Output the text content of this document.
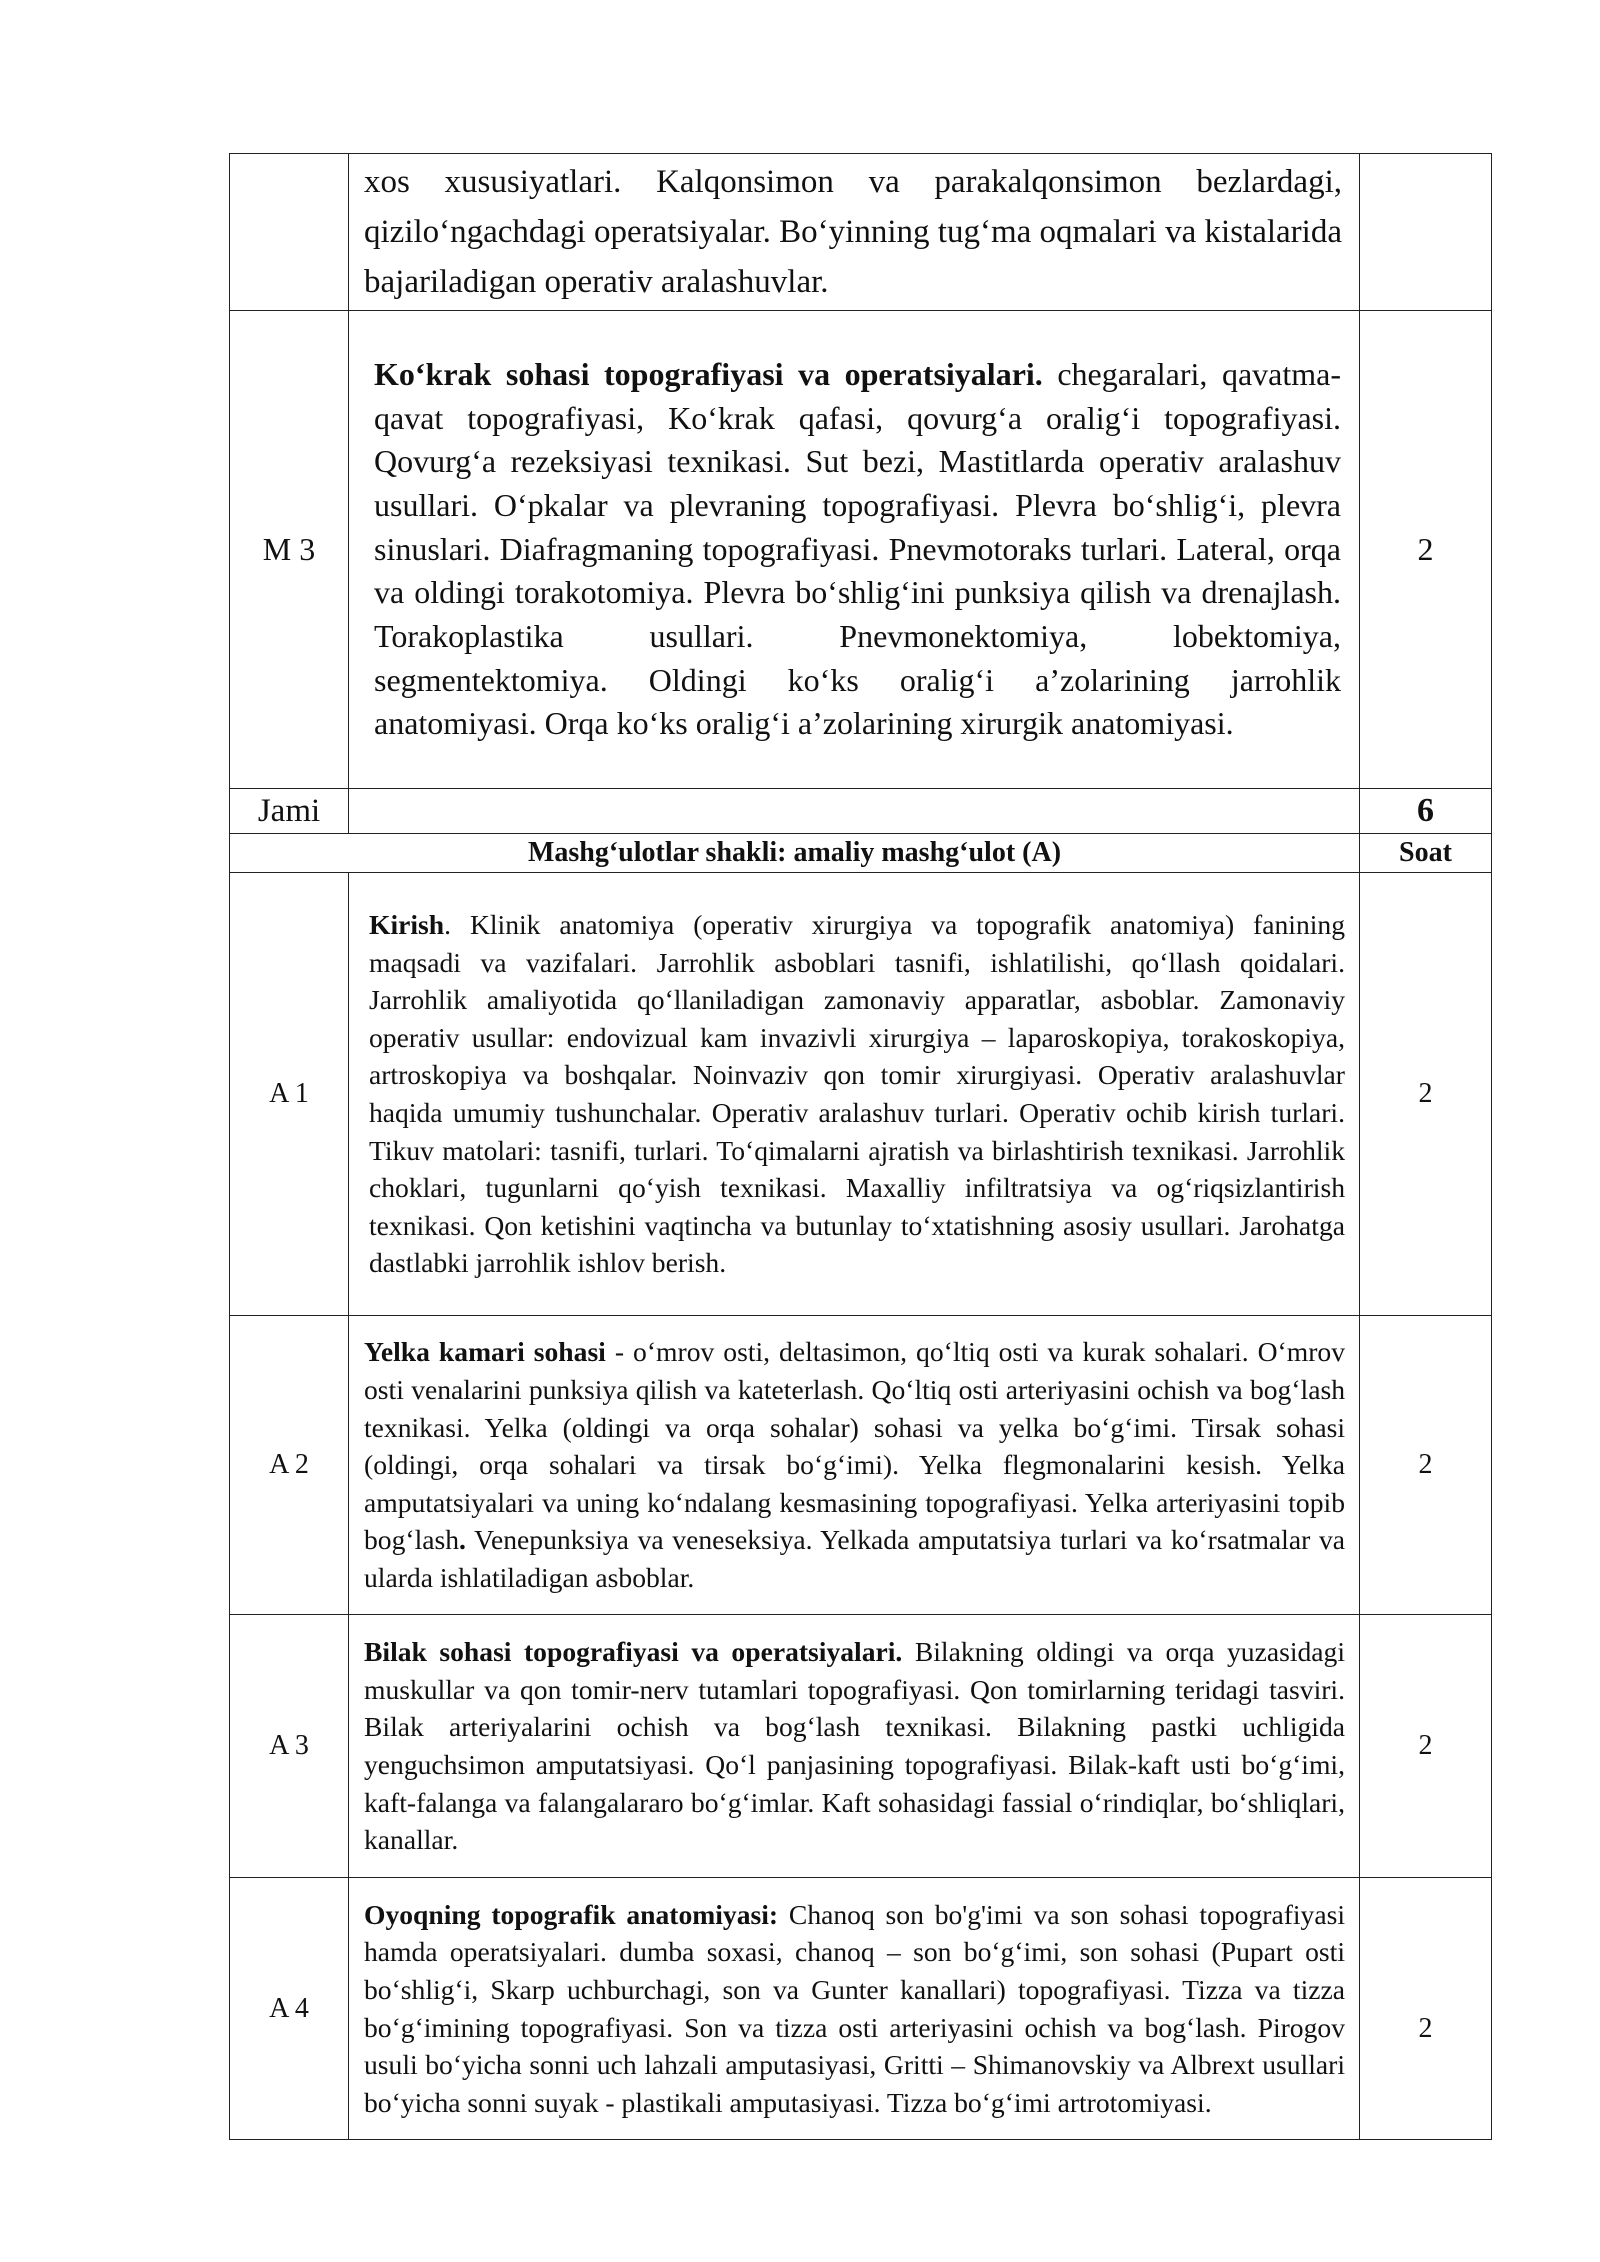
	xos xususiyatlari. Kalqonsimon va parakalqonsimon bezlardagi, qiziloʻngachdagi operatsiyalar. Boʻyinning tugʻma oqmalari va kistalarida bajariladigan operativ aralashuvlar.	

M 3	Koʻkrak sohasi topografiyasi va operatsiyalari. chegaralari, qavatma-qavat topografiyasi, Koʻkrak qafasi, qovurgʻa oraligʻi topografiyasi. Qovurgʻa rezeksiyasi texnikasi. Sut bezi, Mastitlarda operativ aralashuv usullari. Oʻpkalar va plevraning topografiyasi. Plevra boʻshligʻi, plevra sinuslari. Diafragmaning topografiyasi. Pnevmotoraks turlari. Lateral, orqa va oldingi torakotomiya. Plevra boʻshligʻini punksiya qilish va drenajlash. Torakoplastika usullari. Pnevmonektomiya, lobektomiya, segmentektomiya. Oldingi koʻks oraligʻi a’zolarining jarrohlik anatomiyasi. Orqa koʻks oraligʻi a’zolarining xirurgik anatomiyasi.	2
Jami		6
Mashgʻulotlar shakli: amaliy mashgʻulot (A)		Soat
A 1	Kirish. Klinik anatomiya (operativ xirurgiya va topografik anatomiya) fanining maqsadi va vazifalari. Jarrohlik asboblari tasnifi, ishlatilishi, qoʻllash qoidalari. Jarrohlik amaliyotida qoʻllaniladigan zamonaviy apparatlar, asboblar. Zamonaviy operativ usullar: endovizual kam invazivli xirurgiya – laparoskopiya, torakoskopiya, artroskopiya va boshqalar. Noinvaziv qon tomir xirurgiyasi. Operativ aralashuvlar haqida umumiy tushunchalar. Operativ aralashuv turlari. Operativ ochib kirish turlari. Tikuv matolari: tasnifi, turlari. Toʻqimalarni ajratish va birlashtirish texnikasi. Jarrohlik choklari, tugunlarni qoʻyish texnikasi. Maxalliy infiltratsiya va ogʻriqsizlantirish texnikasi. Qon ketishini vaqtincha va butunlay toʻxtatishning asosiy usullari. Jarohatga dastlabki jarrohlik ishlov berish.	2
A 2	Yelka kamari sohasi - oʻmrov osti, deltasimon, qoʻltiq osti va kurak sohalari. Oʻmrov osti venalarini punksiya qilish va kateterlash. Qoʻltiq osti arteriyasini ochish va bogʻlash texnikasi. Yelka (oldingi va orqa sohalar) sohasi va yelka boʻgʻimi. Tirsak sohasi (oldingi, orqa sohalari va tirsak boʻgʻimi). Yelka flegmonalarini kesish. Yelka amputatsiyalari va uning koʻndalang kesmasining topografiyasi. Yelka arteriyasini topib bogʻlash. Venepunksiya va veneseksiya. Yelkada amputatsiya turlari va koʻrsatmalar va ularda ishlatiladigan asboblar.	2
A 3	Bilak sohasi topografiyasi va operatsiyalari. Bilakning oldingi va orqa yuzasidagi muskullar va qon tomir-nerv tutamlari topografiyasi. Qon tomirlarning teridagi tasviri. Bilak arteriyalarini ochish va bogʻlash texnikasi. Bilakning pastki uchligida yenguchsimon amputatsiyasi. Qoʻl panjasining topografiyasi. Bilak-kaft usti boʻgʻimi, kaft-falanga va falangalararo boʻgʻimlar. Kaft sohasidagi fassial oʻrindiqlar, boʻshliqlari, kanallar.	2
A 4	Oyoqning topografik anatomiyasi: Chanoq son bo'g'imi va son sohasi topografiyasi hamda operatsiyalari. dumba soxasi, chanoq – son boʻgʻimi, son sohasi (Pupart osti boʻshligʻi, Skarp uchburchagi, son va Gunter kanallari) topografiyasi. Tizza va tizza boʻgʻimining topografiyasi. Son va tizza osti arteriyasini ochish va bogʻlash. Pirogov usuli boʻyicha sonni uch lahzali amputasiyasi, Gritti – Shimanovskiy va Albrext usullari boʻyicha sonni suyak - plastikali amputasiyasi. Tizza boʻgʻimi artrotomiyasi.	2
